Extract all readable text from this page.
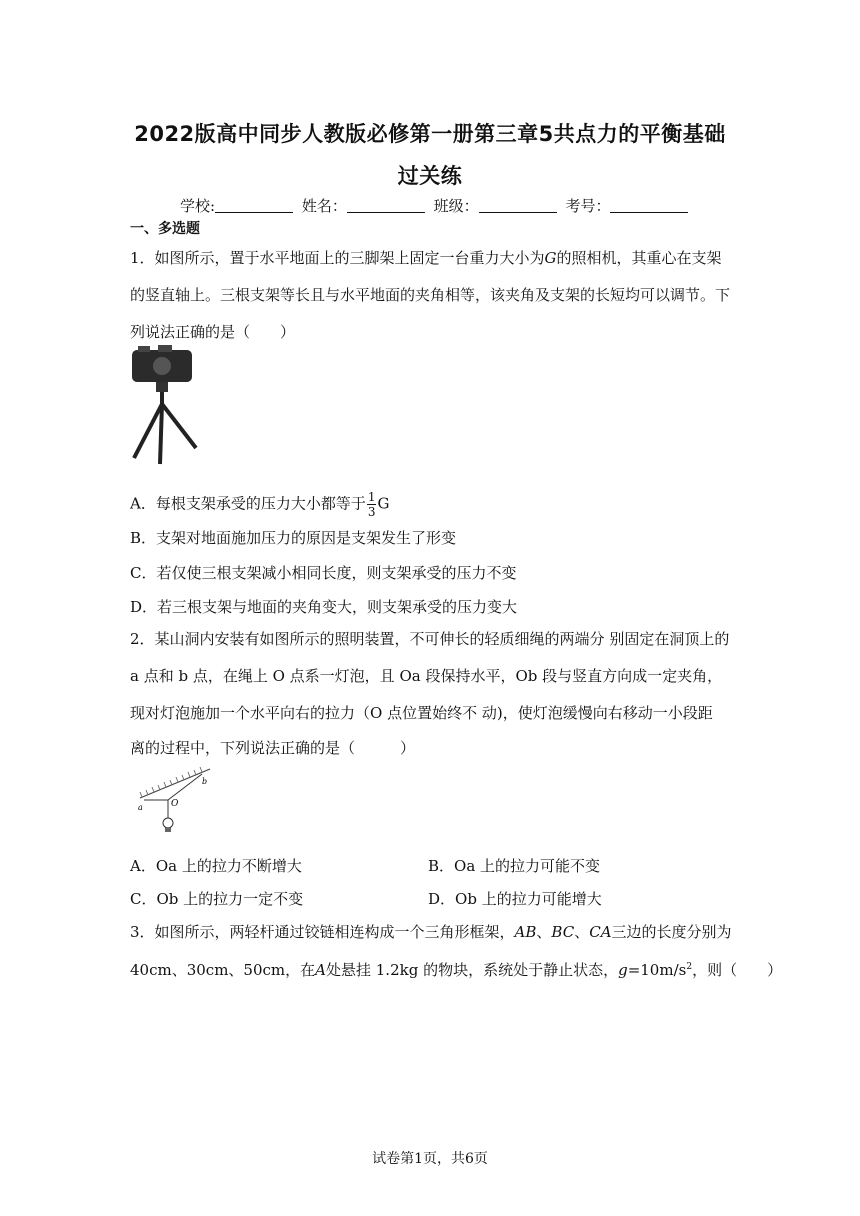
2022版高中同步人教版必修第一册第三章5共点力的平衡基础
过关练
学校:	姓名：	班级：	考号：
一、多选题
1．如图所示，置于水平地面上的三脚架上固定一台重力大小为G的照相机，其重心在支架
的竖直轴上。三根支架等长且与水平地面的夹角相等，该夹角及支架的长短均可以调节。下
列说法正确的是（　　）
A．每根支架承受的压力大小都等于 $\frac{1}{3}$ G
B．支架对地面施加压力的原因是支架发生了形变
C．若仅使三根支架减小相同长度，则支架承受的压力不变
D．若三根支架与地面的夹角变大，则支架承受的压力变大
2．某山洞内安装有如图所示的照明装置，不可伸长的轻质细绳的两端分 别固定在洞顶上的
a 点和 b 点，在绳上 O 点系一灯泡，且 Oa 段保持水平，Ob 段与竖直方向成一定夹角，
现对灯泡施加一个水平向右的拉力（O 点位置始终不 动)，使灯泡缓慢向右移动一小段距
离的过程中，下列说法正确的是（　　　）
a
b
O
A．Oa 上的拉力不断增大	B．Oa 上的拉力可能不变
C．Ob 上的拉力一定不变	D．Ob 上的拉力可能增大
3．如图所示，两轻杆通过铰链相连构成一个三角形框架，AB、BC、CA三边的长度分别为
40cm、30cm、50cm，在A处悬挂 1.2kg 的物块，系统处于静止状态，$g=10m/s^2$，则（　　）
试卷第1页，共6页
